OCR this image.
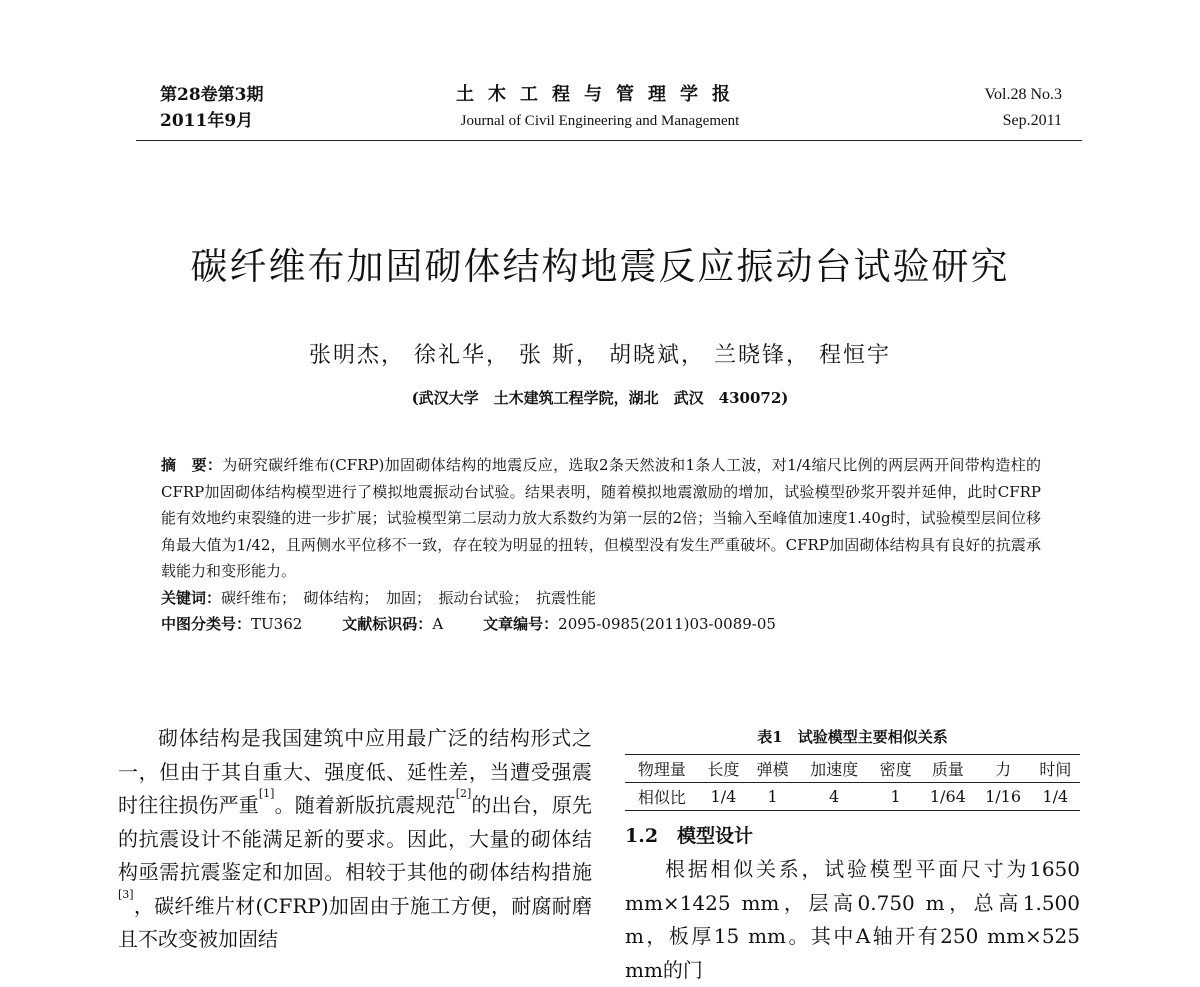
第28卷第3期
2011年9月
土木工程与管理学报
Journal of Civil Engineering and Management
Vol.28 No.3
Sep.2011
碳纤维布加固砌体结构地震反应振动台试验研究
张明杰， 徐礼华， 张 斯， 胡晓斌， 兰晓锋， 程恒宇
(武汉大学　土木建筑工程学院，湖北　武汉　430072)
摘　要：为研究碳纤维布(CFRP)加固砌体结构的地震反应，选取2条天然波和1条人工波，对1/4缩尺比例的两层两开间带构造柱的CFRP加固砌体结构模型进行了模拟地震振动台试验。结果表明，随着模拟地震激励的增加，试验模型砂浆开裂并延伸，此时CFRP能有效地约束裂缝的进一步扩展；试验模型第二层动力放大系数约为第一层的2倍；当输入至峰值加速度1.40g时，试验模型层间位移角最大值为1/42，且两侧水平位移不一致，存在较为明显的扭转，但模型没有发生严重破坏。CFRP加固砌体结构具有良好的抗震承载能力和变形能力。
关键词：碳纤维布；　砌体结构；　加固；　振动台试验；　抗震性能
中图分类号：TU362	文献标识码：A	文章编号：2095-0985(2011)03-0089-05

砌体结构是我国建筑中应用最广泛的结构形式之一，但由于其自重大、强度低、延性差，当遭受强震时往往损伤严重[1]。随着新版抗震规范[2]的出台，原先的抗震设计不能满足新的要求。因此，大量的砌体结构亟需抗震鉴定和加固。相较于其他的砌体结构措施[3]，碳纤维片材(CFRP)加固由于施工方便，耐腐耐磨且不改变被加固结

表1　试验模型主要相似关系
物理量	长度	弹模	加速度	密度	质量	力	时间
相似比	1/4	1	4	1	1/64	1/16	1/4
1.2 模型设计

根据相似关系，试验模型平面尺寸为1650 mm×1425 mm，层高0.750 m，总高1.500 m，板厚15 mm。其中A轴开有250 mm×525 mm的门
